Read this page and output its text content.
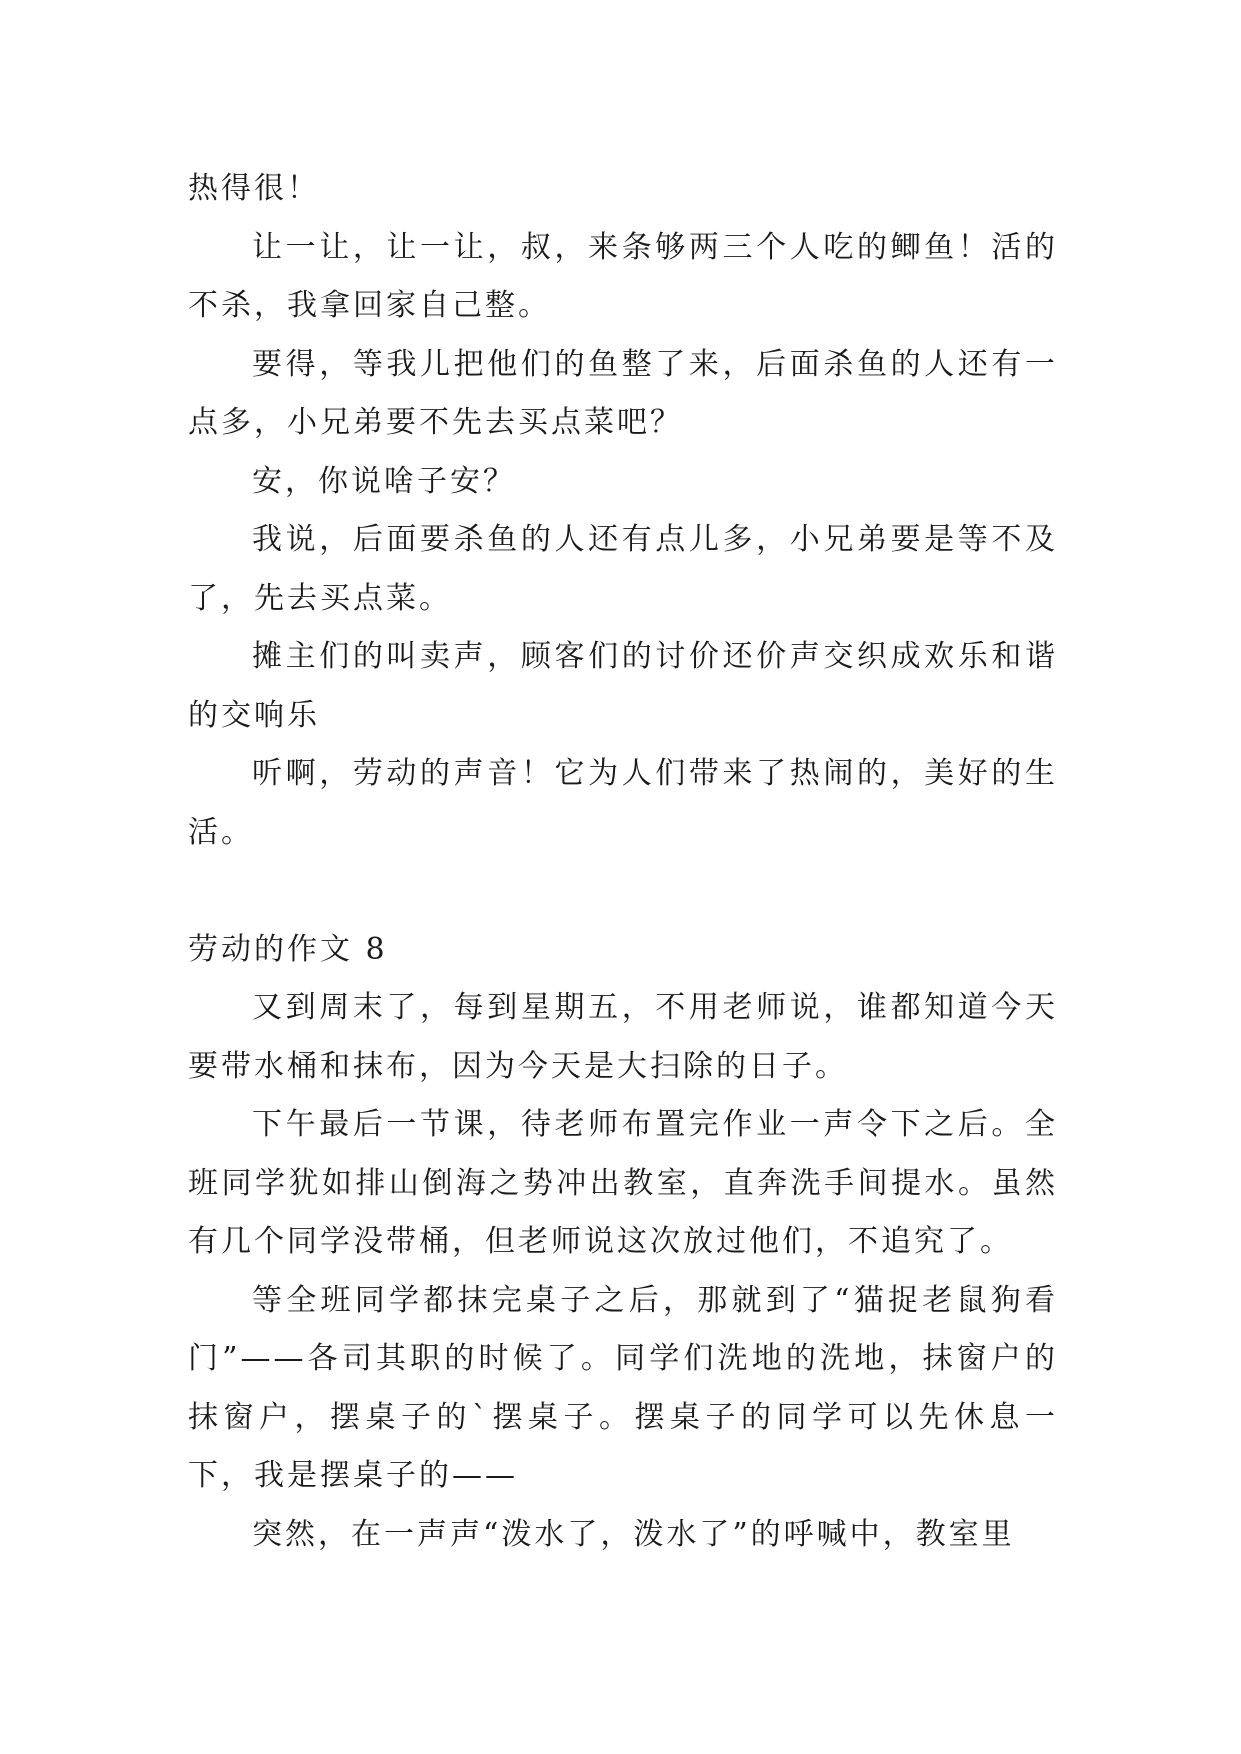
热得很！

让一让，让一让，叔，来条够两三个人吃的鲫鱼！活的不杀，我拿回家自己整。

要得，等我儿把他们的鱼整了来，后面杀鱼的人还有一点多，小兄弟要不先去买点菜吧？

安，你说啥子安？

我说，后面要杀鱼的人还有点儿多，小兄弟要是等不及了，先去买点菜。

摊主们的叫卖声，顾客们的讨价还价声交织成欢乐和谐的交响乐

听啊，劳动的声音！它为人们带来了热闹的，美好的生活。

劳动的作文 8

又到周末了，每到星期五，不用老师说，谁都知道今天要带水桶和抹布，因为今天是大扫除的日子。

下午最后一节课，待老师布置完作业一声令下之后。全班同学犹如排山倒海之势冲出教室，直奔洗手间提水。虽然有几个同学没带桶，但老师说这次放过他们，不追究了。

等全班同学都抹完桌子之后，那就到了“猫捉老鼠狗看门”——各司其职的时候了。同学们洗地的洗地，抹窗户的抹窗户，摆桌子的`摆桌子。摆桌子的同学可以先休息一下，我是摆桌子的——

突然，在一声声“泼水了，泼水了”的呼喊中，教室里
